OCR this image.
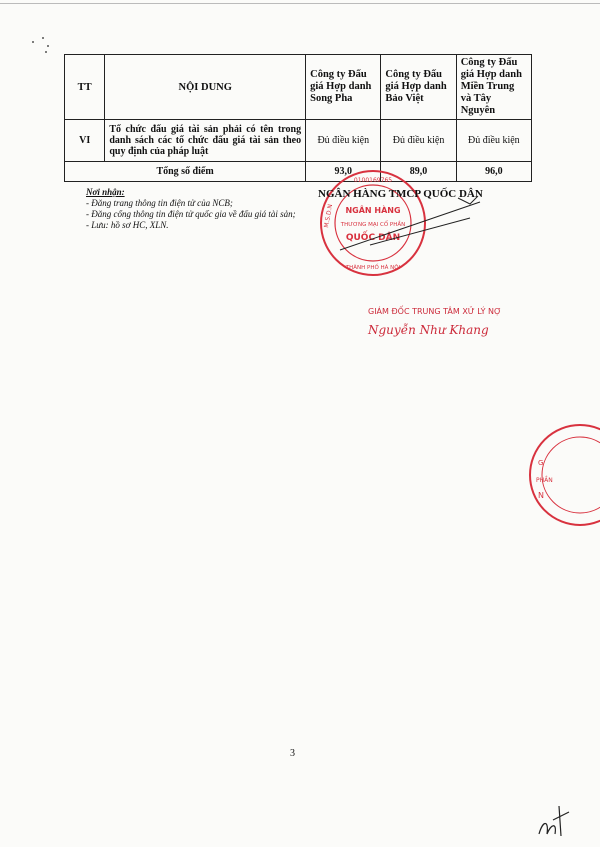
TT	NỘI DUNG	Công ty Đấu giá Hợp danh Song Pha	Công ty Đấu giá Hợp danh Bảo Việt	Công ty Đấu giá Hợp danh Miền Trung và Tây Nguyên
VI	Tổ chức đấu giá tài sản phải có tên trong danh sách các tổ chức đấu giá tài sản theo quy định của pháp luật	Đủ điều kiện	Đủ điều kiện	Đủ điều kiện
Tổng số điểm		93,0	89,0	96,0
Nơi nhận:
- Đăng trang thông tin điện tử của NCB;
- Đăng cổng thông tin điện tử quốc gia về đấu giá tài sản;
- Lưu: hồ sơ HC, XLN.
NGÂN HÀNG
THƯƠNG MẠI CỔ PHẦN
QUỐC DÂN
0100169765
M.S.D.N
THÀNH PHỐ HÀ NỘI
NGÂN HÀNG TMCP QUỐC DÂN
GIÁM ĐỐC TRUNG TÂM XỬ LÝ NỢ
Nguyễn Như Khang
G
PHẦN
N
3
